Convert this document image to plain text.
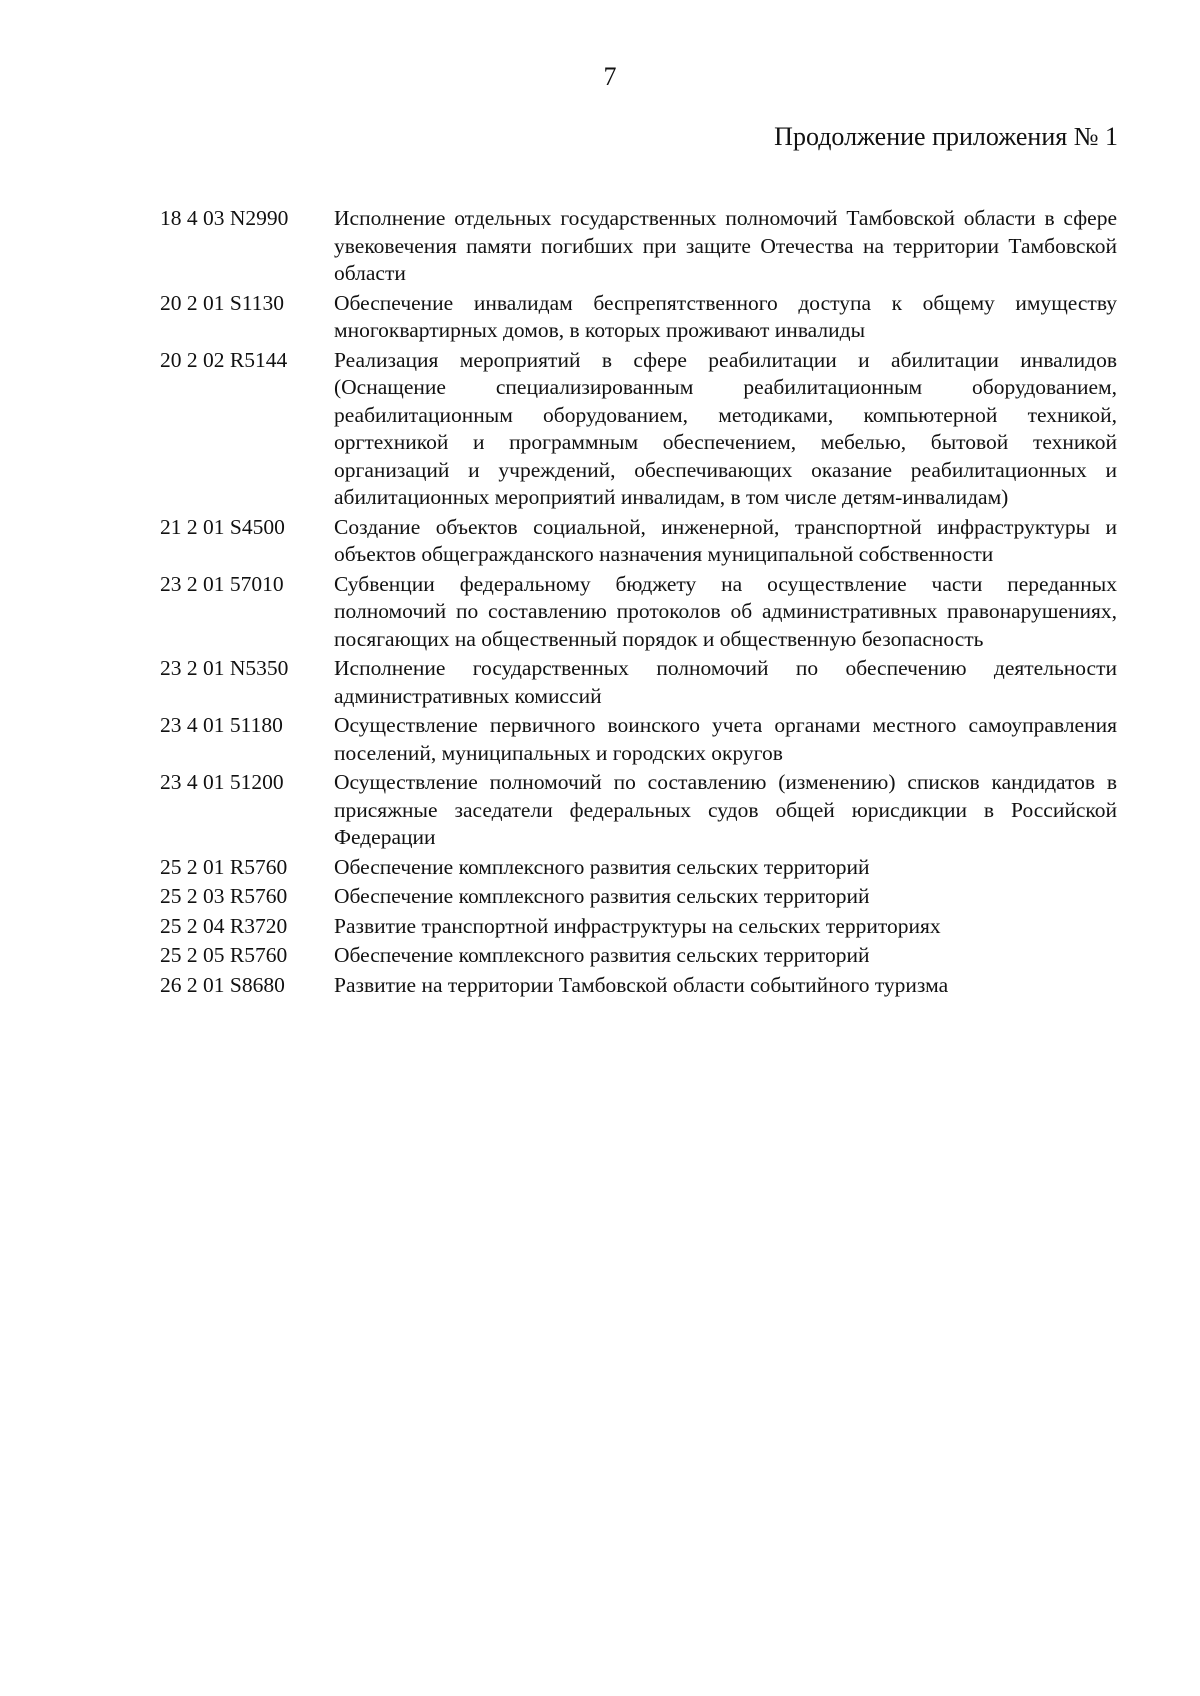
7
Продолжение приложения № 1
18 4 03 N2990	Исполнение отдельных государственных полномочий Тамбовской области в сфере увековечения памяти погибших при защите Отечества на территории Тамбовской области
20 2 01 S1130	Обеспечение инвалидам беспрепятственного доступа к общему имуществу многоквартирных домов, в которых проживают инвалиды
20 2 02 R5144	Реализация мероприятий в сфере реабилитации и абилитации инвалидов (Оснащение специализированным реабилитационным оборудованием, реабилитационным оборудованием, методиками, компьютерной техникой, оргтехникой и программным обеспечением, мебелью, бытовой техникой организаций и учреждений, обеспечивающих оказание реабилитационных и абилитационных мероприятий инвалидам, в том числе детям-инвалидам)
21 2 01 S4500	Создание объектов социальной, инженерной, транспортной инфраструктуры и объектов общегражданского назначения муниципальной собственности
23 2 01 57010	Субвенции федеральному бюджету на осуществление части переданных полномочий по составлению протоколов об административных правонарушениях, посягающих на общественный порядок и общественную безопасность
23 2 01 N5350	Исполнение государственных полномочий по обеспечению деятельности административных комиссий
23 4 01 51180	Осуществление первичного воинского учета органами местного самоуправления поселений, муниципальных и городских округов
23 4 01 51200	Осуществление полномочий по составлению (изменению) списков кандидатов в присяжные заседатели федеральных судов общей юрисдикции в Российской Федерации
25 2 01 R5760	Обеспечение комплексного развития сельских территорий
25 2 03 R5760	Обеспечение комплексного развития сельских территорий
25 2 04 R3720	Развитие транспортной инфраструктуры на сельских территориях
25 2 05 R5760	Обеспечение комплексного развития сельских территорий
26 2 01 S8680	Развитие на территории Тамбовской области событийного туризма
